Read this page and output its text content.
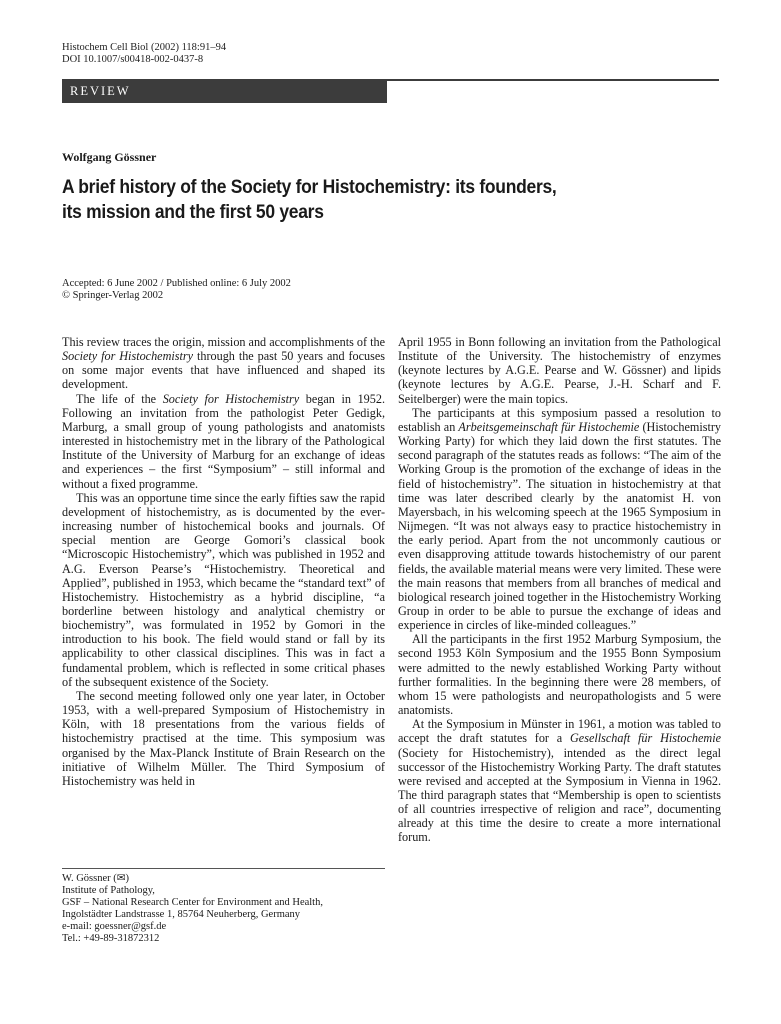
Histochem Cell Biol (2002) 118:91–94
DOI 10.1007/s00418-002-0437-8
REVIEW
Wolfgang Gössner
A brief history of the Society for Histochemistry: its founders,
its mission and the first 50 years
Accepted: 6 June 2002 / Published online: 6 July 2002
© Springer-Verlag 2002

This review traces the origin, mission and accomplishments of the Society for Histochemistry through the past 50 years and focuses on some major events that have influenced and shaped its development.

The life of the Society for Histochemistry began in 1952. Following an invitation from the pathologist Peter Gedigk, Marburg, a small group of young pathologists and anatomists interested in histochemistry met in the library of the Pathological Institute of the University of Marburg for an exchange of ideas and experiences – the first “Symposium” – still informal and without a fixed programme.

This was an opportune time since the early fifties saw the rapid development of histochemistry, as is documented by the ever-increasing number of histochemical books and journals. Of special mention are George Gomori’s classical book “Microscopic Histochemistry”, which was published in 1952 and A.G. Everson Pearse’s “Histochemistry. Theoretical and Applied”, published in 1953, which became the “standard text” of Histochemistry. Histochemistry as a hybrid discipline, “a borderline between histology and analytical chemistry or biochemistry”, was formulated in 1952 by Gomori in the introduction to his book. The field would stand or fall by its applicability to other classical disciplines. This was in fact a fundamental problem, which is reflected in some critical phases of the subsequent existence of the Society.

The second meeting followed only one year later, in October 1953, with a well-prepared Symposium of Histochemistry in Köln, with 18 presentations from the various fields of histochemistry practised at the time. This symposium was organised by the Max-Planck Institute of Brain Research on the initiative of Wilhelm Müller. The Third Symposium of Histochemistry was held in

April 1955 in Bonn following an invitation from the Pathological Institute of the University. The histochemistry of enzymes (keynote lectures by A.G.E. Pearse and W. Gössner) and lipids (keynote lectures by A.G.E. Pearse, J.-H. Scharf and F. Seitelberger) were the main topics.

The participants at this symposium passed a resolution to establish an Arbeitsgemeinschaft für Histochemie (Histochemistry Working Party) for which they laid down the first statutes. The second paragraph of the statutes reads as follows: “The aim of the Working Group is the promotion of the exchange of ideas in the field of histochemistry”. The situation in histochemistry at that time was later described clearly by the anatomist H. von Mayersbach, in his welcoming speech at the 1965 Symposium in Nijmegen. “It was not always easy to practice histochemistry in the early period. Apart from the not uncommonly cautious or even disapproving attitude towards histochemistry of our parent fields, the available material means were very limited. These were the main reasons that members from all branches of medical and biological research joined together in the Histochemistry Working Group in order to be able to pursue the exchange of ideas and experience in circles of like-minded colleagues.”

All the participants in the first 1952 Marburg Symposium, the second 1953 Köln Symposium and the 1955 Bonn Symposium were admitted to the newly established Working Party without further formalities. In the beginning there were 28 members, of whom 15 were pathologists and neuropathologists and 5 were anatomists.

At the Symposium in Münster in 1961, a motion was tabled to accept the draft statutes for a Gesellschaft für Histochemie (Society for Histochemistry), intended as the direct legal successor of the Histochemistry Working Party. The draft statutes were revised and accepted at the Symposium in Vienna in 1962. The third paragraph states that “Membership is open to scientists of all countries irrespective of religion and race”, documenting already at this time the desire to create a more international forum.

W. Gössner (✉)
Institute of Pathology,
GSF – National Research Center for Environment and Health,
Ingolstädter Landstrasse 1, 85764 Neuherberg, Germany
e-mail: goessner@gsf.de
Tel.: +49-89-31872312
